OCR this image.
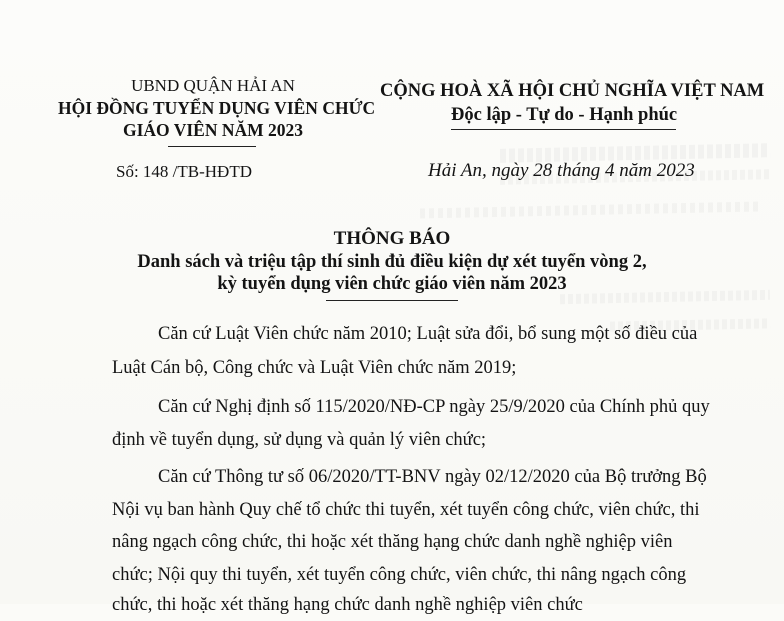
UBND QUẬN HẢI AN
HỘI ĐỒNG TUYỂN DỤNG VIÊN CHỨC
GIÁO VIÊN NĂM 2023
Số: 148 /TB-HĐTD
CỘNG HOÀ XÃ HỘI CHỦ NGHĨA VIỆT NAM
Độc lập - Tự do - Hạnh phúc
Hải An, ngày 28 tháng 4 năm 2023
THÔNG BÁO
Danh sách và triệu tập thí sinh đủ điều kiện dự xét tuyển vòng 2,
kỳ tuyển dụng viên chức giáo viên năm 2023
Căn cứ Luật Viên chức năm 2010; Luật sửa đổi, bổ sung một số điều của
Luật Cán bộ, Công chức và Luật Viên chức năm 2019;
Căn cứ Nghị định số 115/2020/NĐ-CP ngày 25/9/2020 của Chính phủ quy
định về tuyển dụng, sử dụng và quản lý viên chức;
Căn cứ Thông tư số 06/2020/TT-BNV ngày 02/12/2020 của Bộ trưởng Bộ
Nội vụ ban hành Quy chế tổ chức thi tuyển, xét tuyển công chức, viên chức, thi
nâng ngạch công chức, thi hoặc xét thăng hạng chức danh nghề nghiệp viên
chức; Nội quy thi tuyển, xét tuyển công chức, viên chức, thi nâng ngạch công
chức, thi hoặc xét thăng hạng chức danh nghề nghiệp viên chức
